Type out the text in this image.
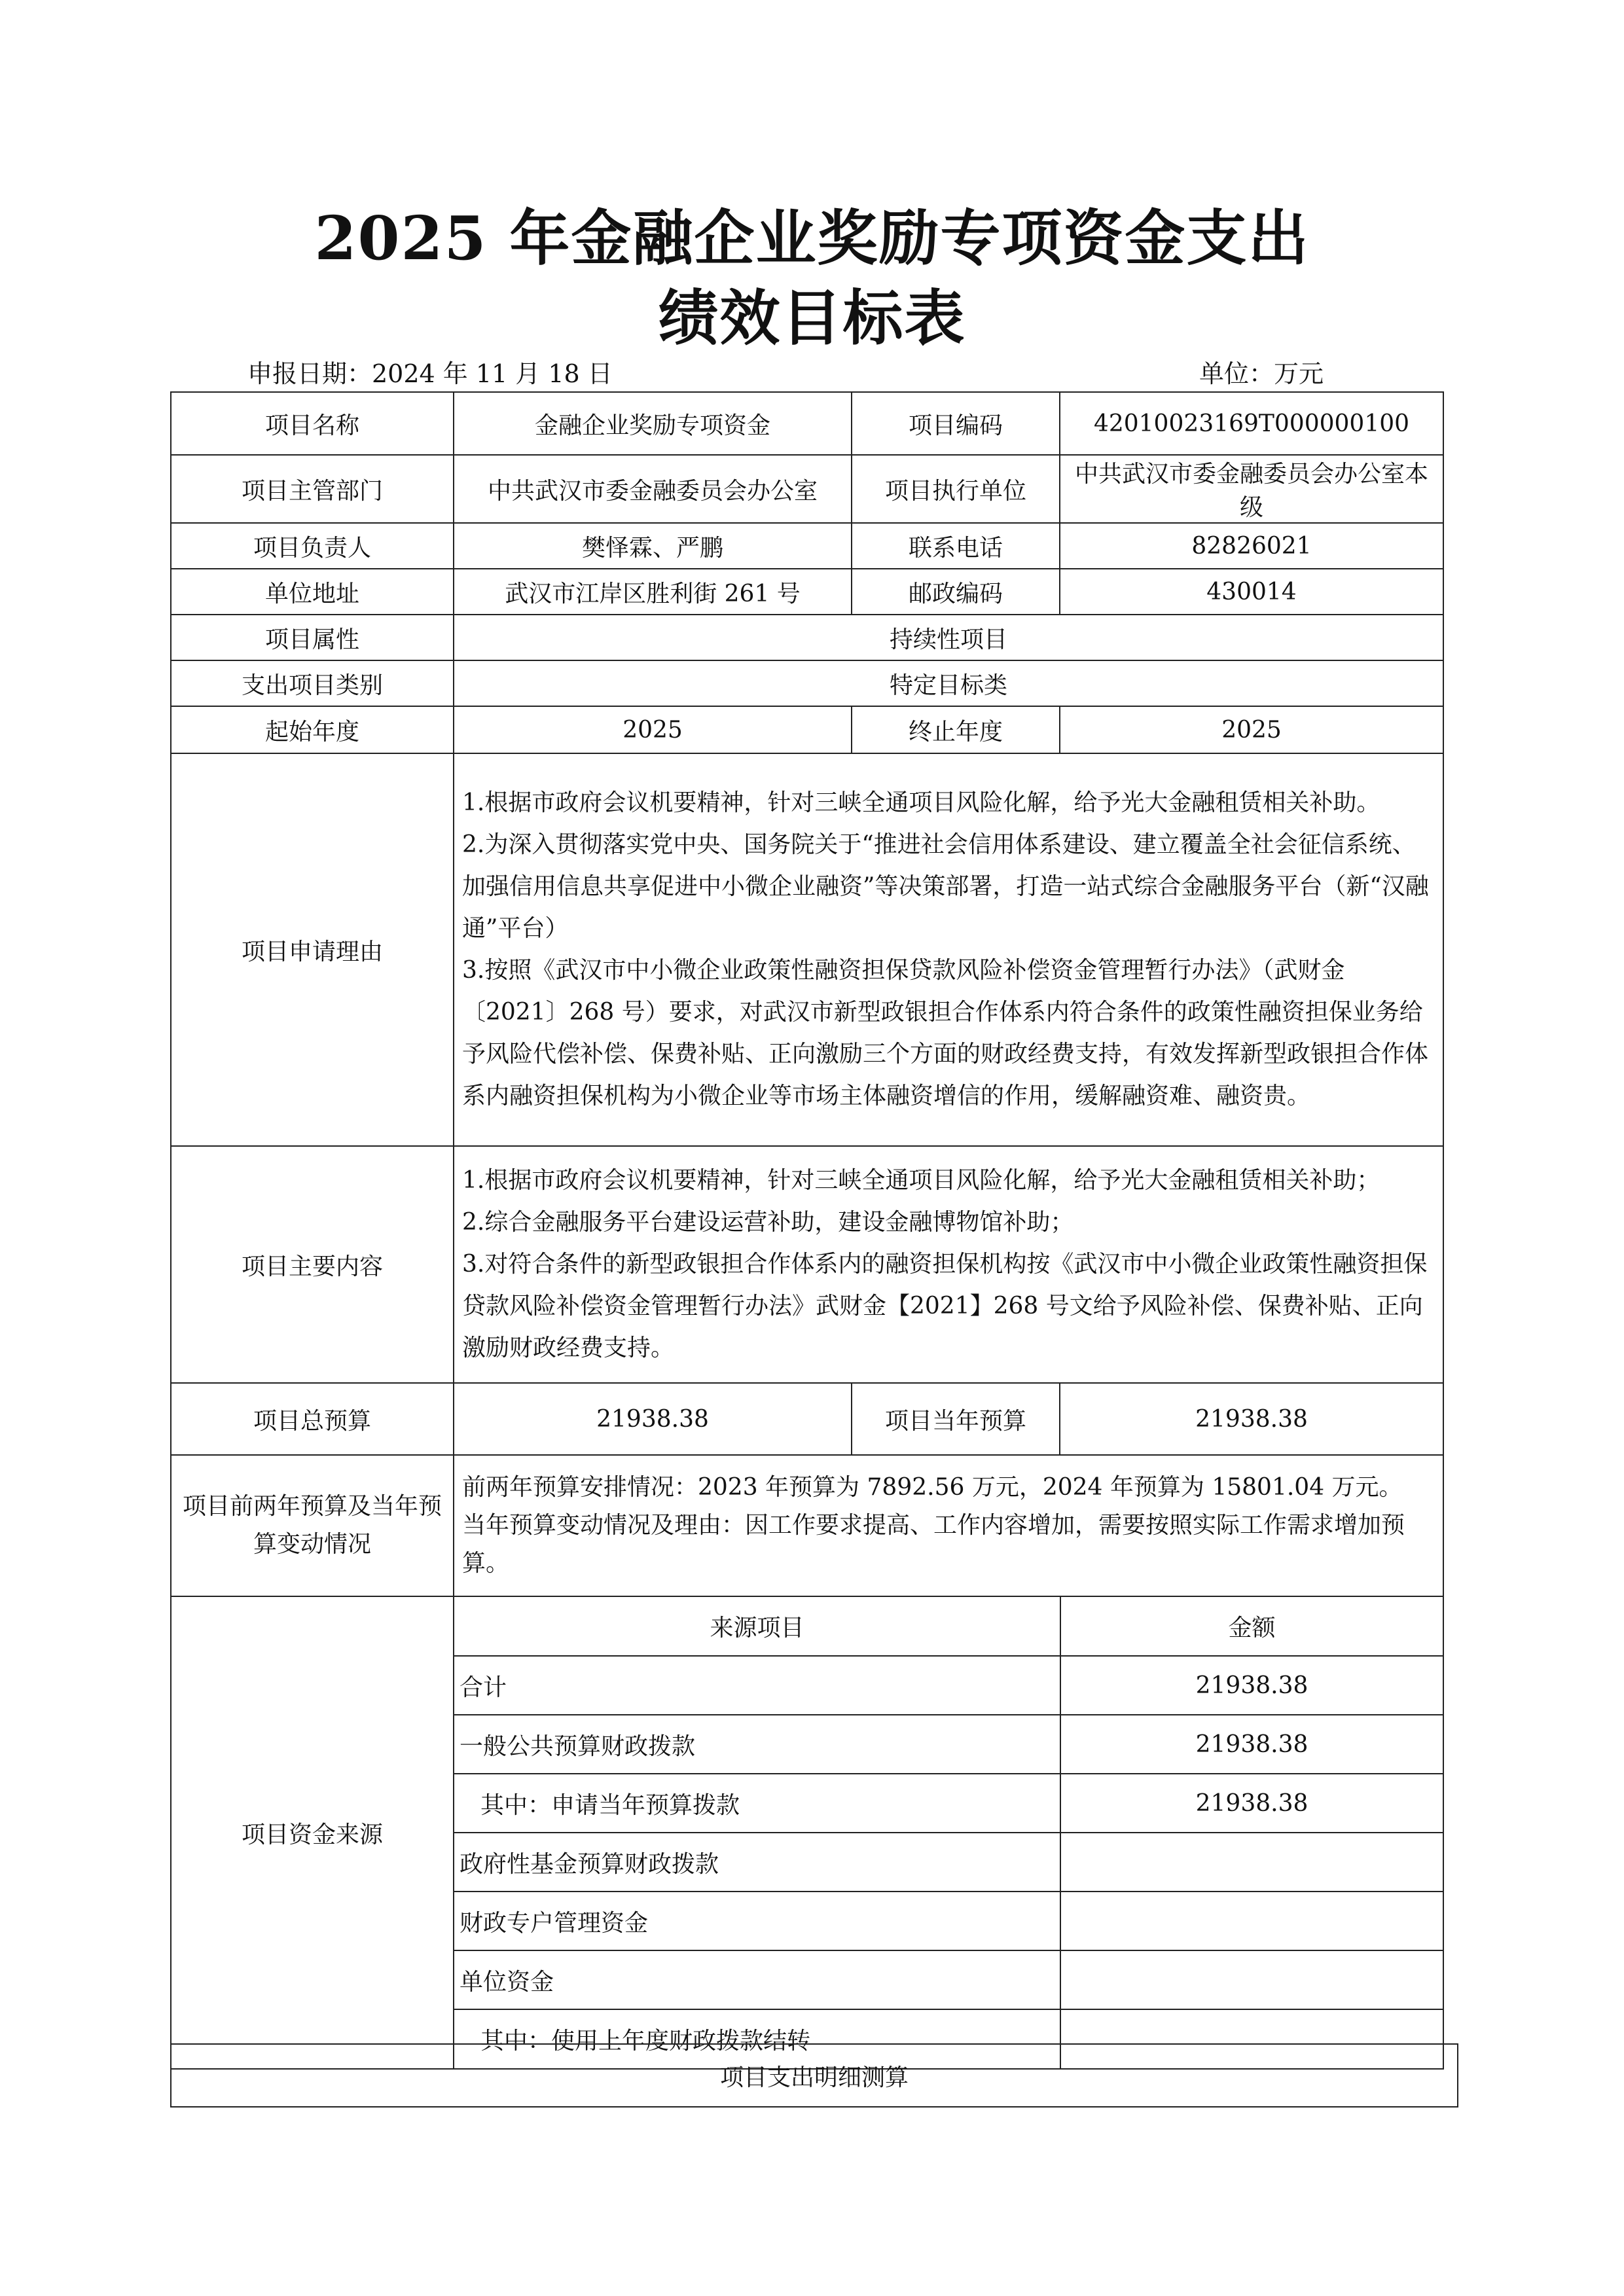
2025 年金融企业奖励专项资金支出
绩效目标表
申报日期：2024 年 11 月 18 日	单位：万元
项目名称	金融企业奖励专项资金	项目编码	42010023169T000000100
项目主管部门	中共武汉市委金融委员会办公室	项目执行单位	中共武汉市委金融委员会办公室本级
项目负责人	樊怿霖、严鹏	联系电话	82826021
单位地址	武汉市江岸区胜利街 261 号	邮政编码	430014
项目属性	持续性项目
支出项目类别	特定目标类
起始年度	2025	终止年度	2025
项目申请理由	
1.根据市政府会议机要精神，针对三峡全通项目风险化解，给予光大金融租赁相关补助。
2.为深入贯彻落实党中央、国务院关于“推进社会信用体系建设、建立覆盖全社会征信系统、加强信用信息共享促进中小微企业融资”等决策部署，打造一站式综合金融服务平台（新“汉融通”平台）
3.按照《武汉市中小微企业政策性融资担保贷款风险补偿资金管理暂行办法》（武财金〔2021〕268 号）要求，对武汉市新型政银担合作体系内符合条件的政策性融资担保业务给予风险代偿补偿、保费补贴、正向激励三个方面的财政经费支持，有效发挥新型政银担合作体系内融资担保机构为小微企业等市场主体融资增信的作用，缓解融资难、融资贵。

项目主要内容	
1.根据市政府会议机要精神，针对三峡全通项目风险化解，给予光大金融租赁相关补助；
2.综合金融服务平台建设运营补助，建设金融博物馆补助；
3.对符合条件的新型政银担合作体系内的融资担保机构按《武汉市中小微企业政策性融资担保贷款风险补偿资金管理暂行办法》武财金【2021】268 号文给予风险补偿、保费补贴、正向激励财政经费支持。

项目总预算	21938.38	项目当年预算	21938.38
项目前两年预算及当年预算变动情况	
前两年预算安排情况：2023 年预算为 7892.56 万元，2024 年预算为 15801.04 万元。
当年预算变动情况及理由：因工作要求提高、工作内容增加，需要按照实际工作需求增加预算。

项目资金来源	
来源项目	金额
合计	21938.38
一般公共预算财政拨款	21938.38
其中：申请当年预算拨款	21938.38
政府性基金预算财政拨款	
财政专户管理资金	
单位资金	
其中：使用上年度财政拨款结转	
项目支出明细测算
